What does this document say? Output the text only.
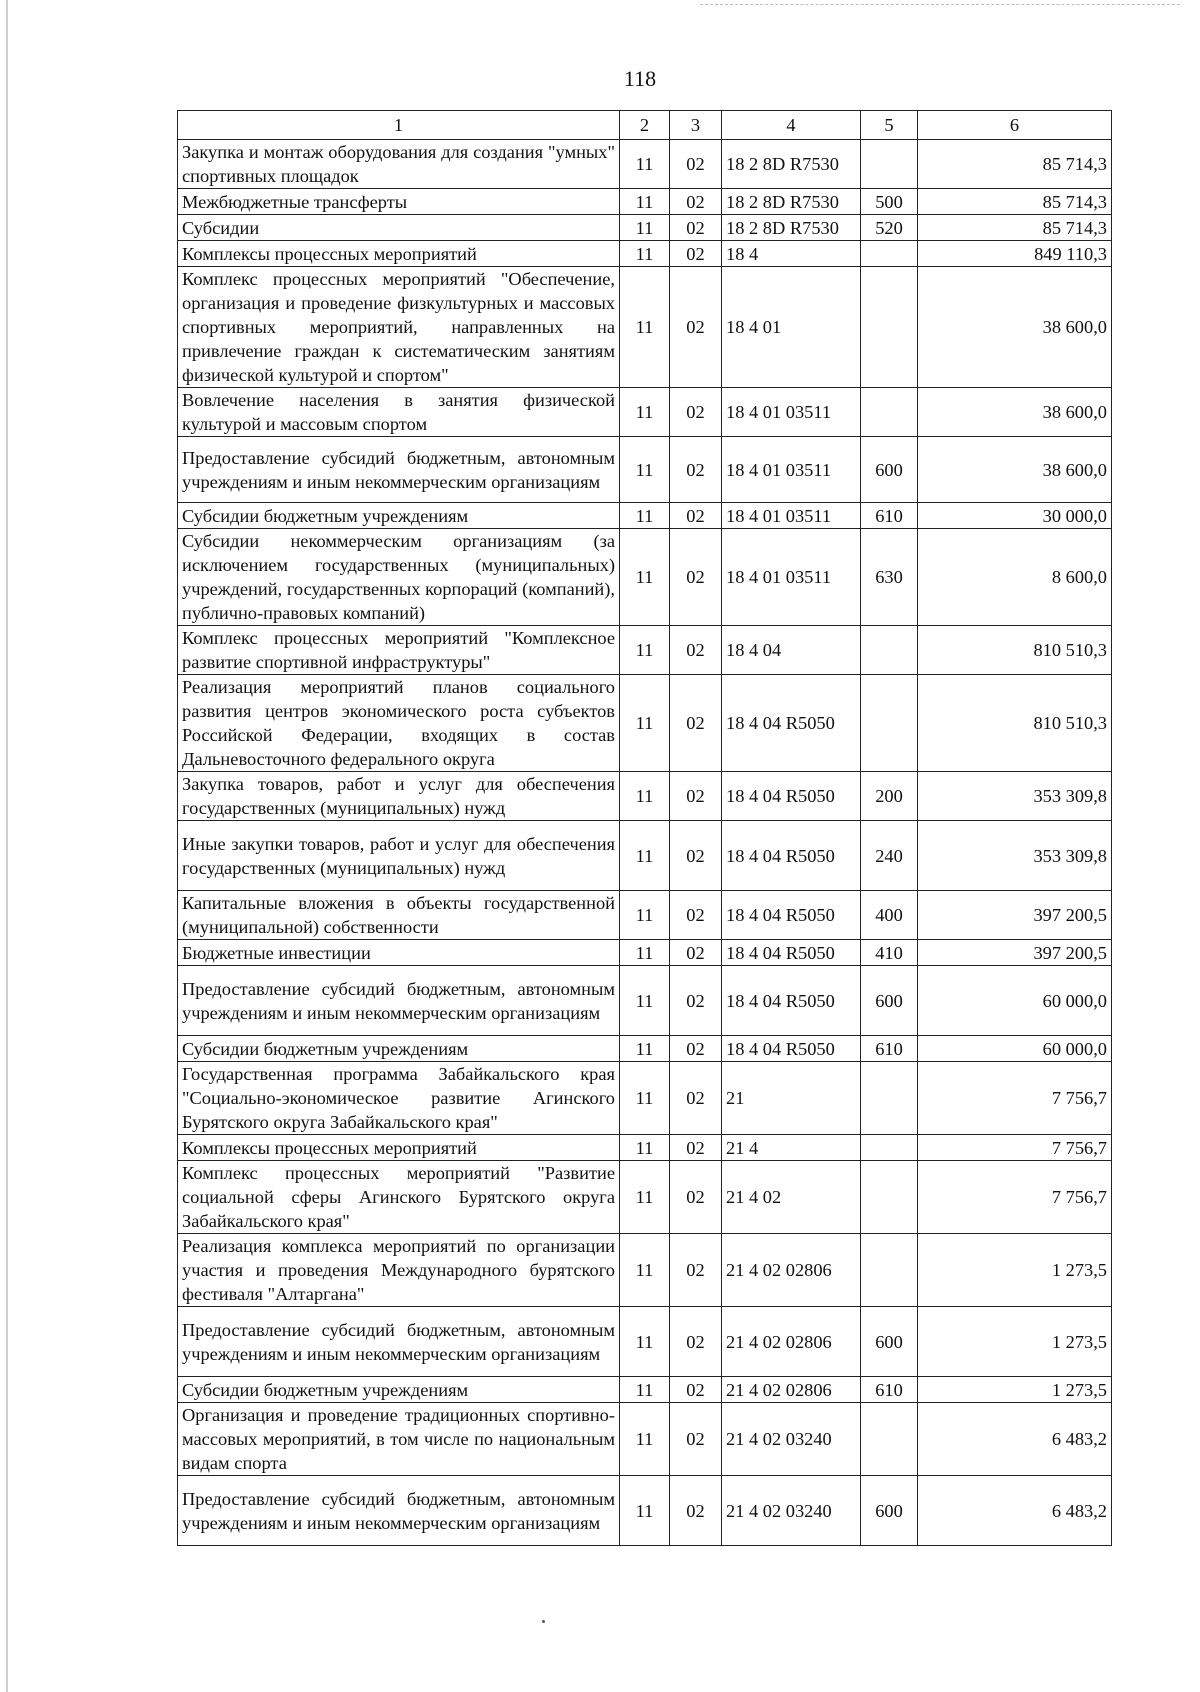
118
1	2	3	4	5	6
Закупка и монтаж оборудования для создания "умных" спортивных площадок	11	02	18 2 8D R7530		85 714,3
Межбюджетные трансферты	11	02	18 2 8D R7530	500	85 714,3
Субсидии	11	02	18 2 8D R7530	520	85 714,3
Комплексы процессных мероприятий	11	02	18 4		849 110,3
Комплекс процессных мероприятий "Обеспечение, организация и проведение физкультурных и массовых спортивных мероприятий, направленных на привлечение граждан к систематическим занятиям физической культурой и спортом"	11	02	18 4 01		38 600,0
Вовлечение населения в занятия физической культурой и массовым спортом	11	02	18 4 01 03511		38 600,0
Предоставление субсидий бюджетным, автономным учреждениям и иным некоммерческим организациям	11	02	18 4 01 03511	600	38 600,0
Субсидии бюджетным учреждениям	11	02	18 4 01 03511	610	30 000,0
Субсидии некоммерческим организациям (за исключением государственных (муниципальных) учреждений, государственных корпораций (компаний), публично-правовых компаний)	11	02	18 4 01 03511	630	8 600,0
Комплекс процессных мероприятий "Комплексное развитие спортивной инфраструктуры"	11	02	18 4 04		810 510,3
Реализация мероприятий планов социального развития центров экономического роста субъектов Российской Федерации, входящих в состав Дальневосточного федерального округа	11	02	18 4 04 R5050		810 510,3
Закупка товаров, работ и услуг для обеспечения государственных (муниципальных) нужд	11	02	18 4 04 R5050	200	353 309,8
Иные закупки товаров, работ и услуг для обеспечения государственных (муниципальных) нужд	11	02	18 4 04 R5050	240	353 309,8
Капитальные вложения в объекты государственной (муниципальной) собственности	11	02	18 4 04 R5050	400	397 200,5
Бюджетные инвестиции	11	02	18 4 04 R5050	410	397 200,5
Предоставление субсидий бюджетным, автономным учреждениям и иным некоммерческим организациям	11	02	18 4 04 R5050	600	60 000,0
Субсидии бюджетным учреждениям	11	02	18 4 04 R5050	610	60 000,0
Государственная программа Забайкальского края "Социально-экономическое развитие Агинского Бурятского округа Забайкальского края"	11	02	21		7 756,7
Комплексы процессных мероприятий	11	02	21 4		7 756,7
Комплекс процессных мероприятий "Развитие социальной сферы Агинского Бурятского округа Забайкальского края"	11	02	21 4 02		7 756,7
Реализация комплекса мероприятий по организации участия и проведения Международного бурятского фестиваля "Алтаргана"	11	02	21 4 02 02806		1 273,5
Предоставление субсидий бюджетным, автономным учреждениям и иным некоммерческим организациям	11	02	21 4 02 02806	600	1 273,5
Субсидии бюджетным учреждениям	11	02	21 4 02 02806	610	1 273,5
Организация и проведение традиционных спортивно-массовых мероприятий, в том числе по национальным видам спорта	11	02	21 4 02 03240		6 483,2
Предоставление субсидий бюджетным, автономным учреждениям и иным некоммерческим организациям	11	02	21 4 02 03240	600	6 483,2
